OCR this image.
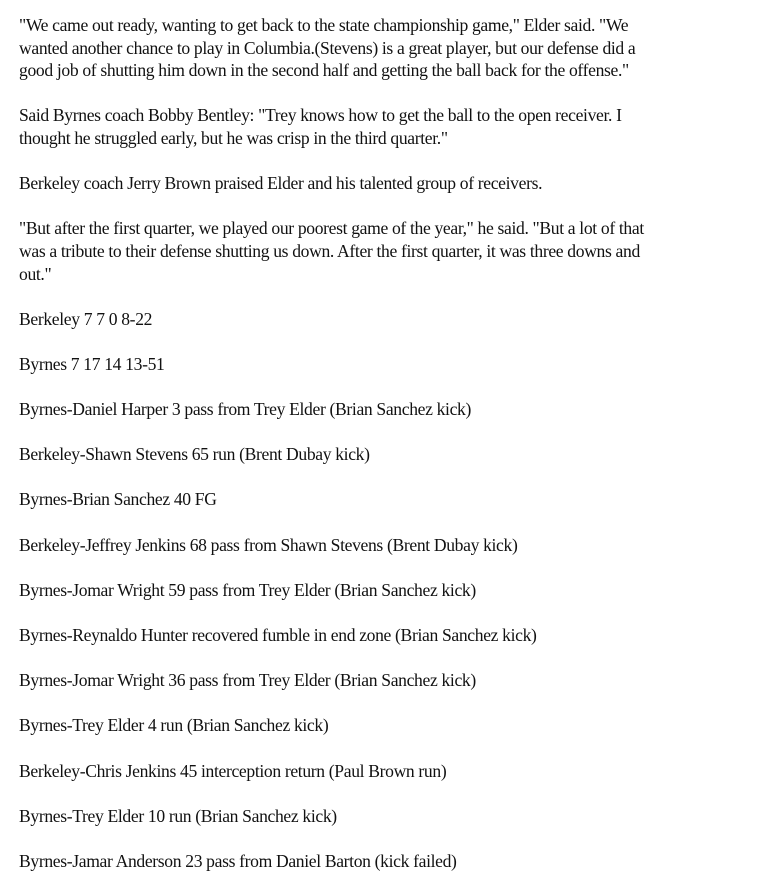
"We came out ready, wanting to get back to the state championship game," Elder said. "We
wanted another chance to play in Columbia.(Stevens) is a great player, but our defense did a
good job of shutting him down in the second half and getting the ball back for the offense."
Said Byrnes coach Bobby Bentley: "Trey knows how to get the ball to the open receiver. I
thought he struggled early, but he was crisp in the third quarter."
Berkeley coach Jerry Brown praised Elder and his talented group of receivers.
"But after the first quarter, we played our poorest game of the year," he said. "But a lot of that
was a tribute to their defense shutting us down. After the first quarter, it was three downs and
out."
Berkeley 7 7 0 8-22
Byrnes 7 17 14 13-51
Byrnes-Daniel Harper 3 pass from Trey Elder (Brian Sanchez kick)
Berkeley-Shawn Stevens 65 run (Brent Dubay kick)
Byrnes-Brian Sanchez 40 FG
Berkeley-Jeffrey Jenkins 68 pass from Shawn Stevens (Brent Dubay kick)
Byrnes-Jomar Wright 59 pass from Trey Elder (Brian Sanchez kick)
Byrnes-Reynaldo Hunter recovered fumble in end zone (Brian Sanchez kick)
Byrnes-Jomar Wright 36 pass from Trey Elder (Brian Sanchez kick)
Byrnes-Trey Elder 4 run (Brian Sanchez kick)
Berkeley-Chris Jenkins 45 interception return (Paul Brown run)
Byrnes-Trey Elder 10 run (Brian Sanchez kick)
Byrnes-Jamar Anderson 23 pass from Daniel Barton (kick failed)
